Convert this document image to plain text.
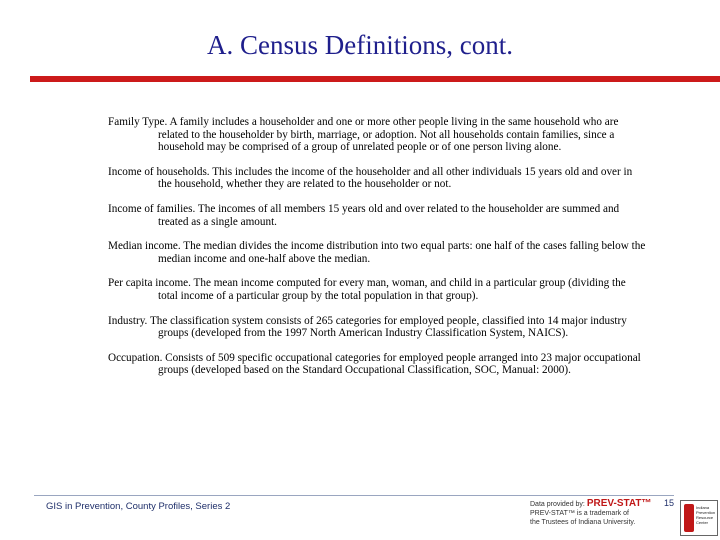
A. Census Definitions, cont.

Family Type. A family includes a householder and one or more other people living in the same household who are related to the householder by birth, marriage, or adoption. Not all households contain families, since a household may be comprised of a group of unrelated people or of one person living alone.

Income of households. This includes the income of the householder and all other individuals 15 years old and over in the household, whether they are related to the householder or not.

Income of families. The incomes of all members 15 years old and over related to the householder are summed and treated as a single amount.

Median income. The median divides the income distribution into two equal parts: one half of the cases falling below the median income and one-half above the median.

Per capita income. The mean income computed for every man, woman, and child in a particular group (dividing the total income of a particular group by the total population in that group).

Industry. The classification system consists of 265 categories for employed people, classified into 14 major industry groups (developed from the 1997 North American Industry Classification System, NAICS).

Occupation. Consists of 509 specific occupational categories for employed people arranged into 23 major occupational groups (developed based on the Standard Occupational Classification, SOC, Manual: 2000).

GIS in Prevention, County Profiles, Series 2	Data provided by: PREV-STAT™
PREV-STAT™ is a trademark of
the Trustees of Indiana University.
15	Indiana Prevention Resource Center
